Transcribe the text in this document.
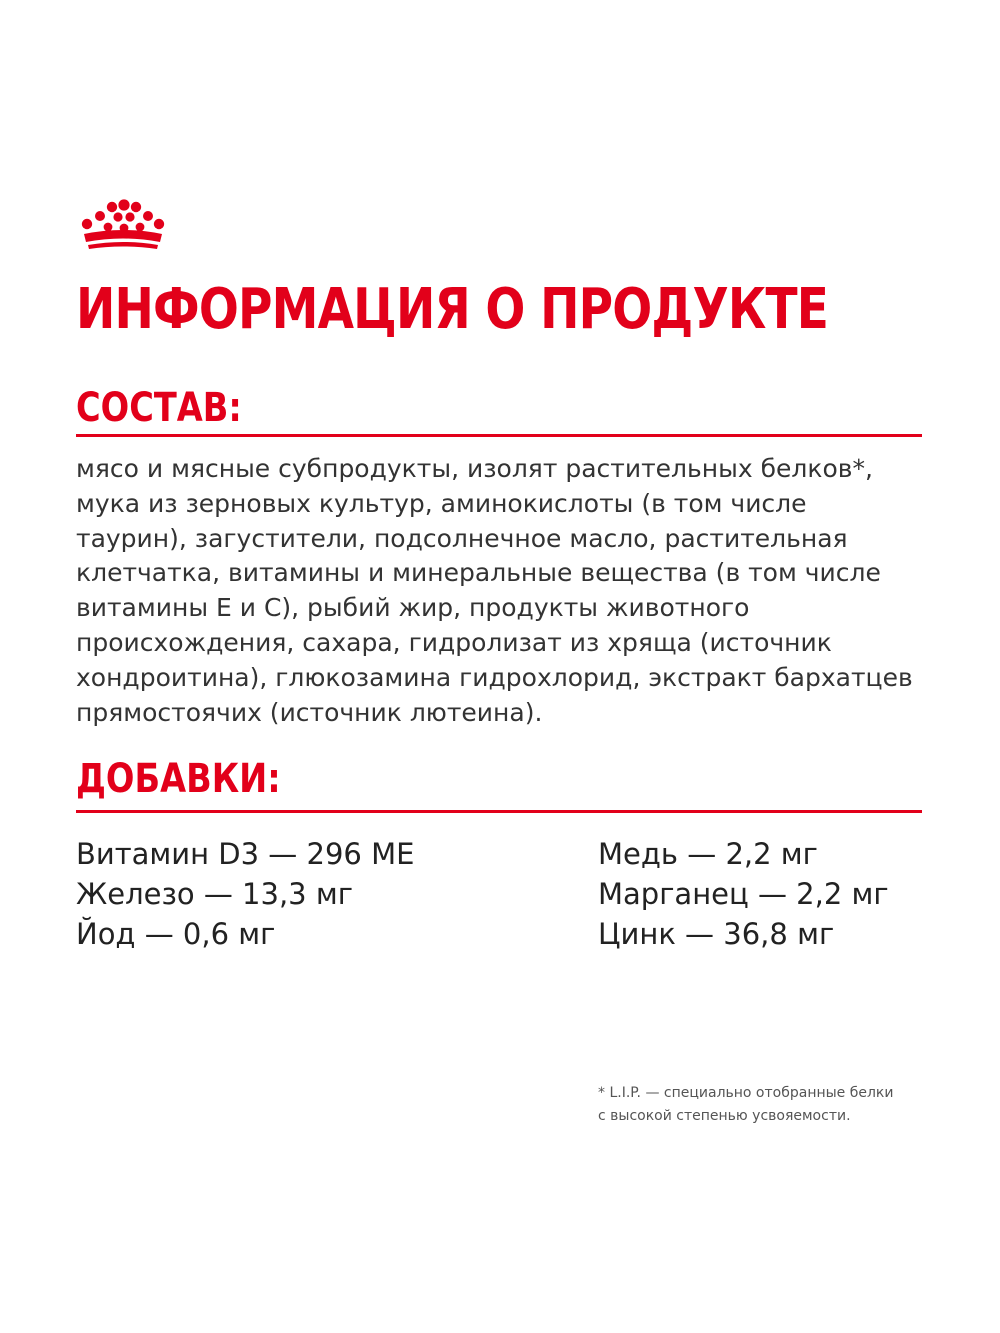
ИНФОРМАЦИЯ О ПРОДУКТЕ
СОСТАВ:
мясо и мясные субпродукты, изолят растительных белков*,
мука из зерновых культур, аминокислоты (в том числе
таурин), загустители, подсолнечное масло, растительная
клетчатка, витамины и минеральные вещества (в том числе
витамины Е и С), рыбий жир, продукты животного
происхождения, сахара, гидролизат из хряща (источник
хондроитина), глюкозамина гидрохлорид, экстракт бархатцев
прямостоячих (источник лютеина).
ДОБАВКИ:
Витамин D3 — 296 МЕ
Железо — 13,3 мг
Йод — 0,6 мг
Медь — 2,2 мг
Марганец — 2,2 мг
Цинк — 36,8 мг
* L.I.P. — специально отобранные белки
с высокой степенью усвояемости.
